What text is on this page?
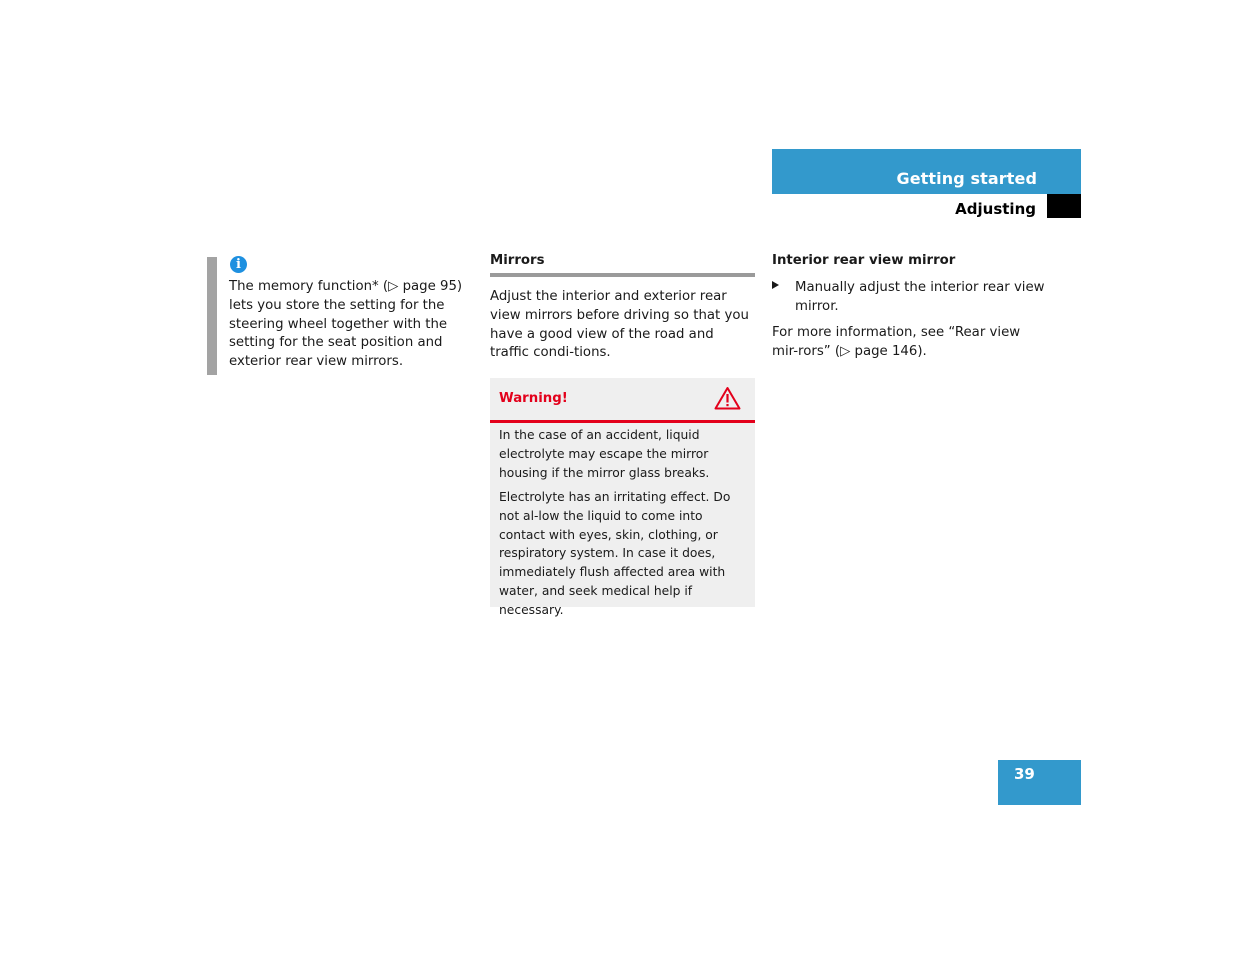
Getting started
Adjusting
i
The memory function* (▷ page 95) lets you store the setting for the steering wheel together with the setting for the seat position and exterior rear view mirrors.
Mirrors
Adjust the interior and exterior rear view mirrors before driving so that you have a good view of the road and traffic condi-tions.
Warning!
In the case of an accident, liquid electrolyte may escape the mirror housing if the mirror glass breaks.
Electrolyte has an irritating effect. Do not al-low the liquid to come into contact with eyes, skin, clothing, or respiratory system. In case it does, immediately flush affected area with water, and seek medical help if necessary.
Interior rear view mirror
Manually adjust the interior rear view mirror.
For more information, see “Rear view mir-rors” (▷ page 146).
39
